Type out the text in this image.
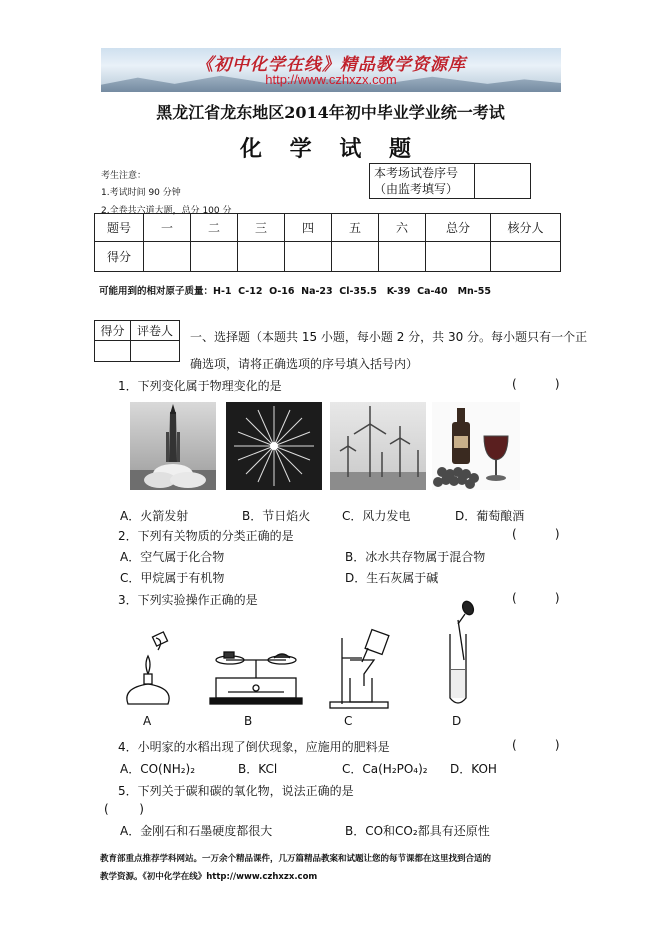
《初中化学在线》精品教学资源库
http://www.czhxzx.com
黑龙江省龙东地区2014年初中毕业学业统一考试
化 学 试 题
考生注意：
1.考试时间 90 分钟
2.全卷共六道大题，总分 100 分
本考场试卷序号
（由监考填写）

题号	一	二	三	四	五	六	总分	核分人
得分								
可能用到的相对原子质量：H-1  C-12  O-16  Na-23  Cl-35.5   K-39  Ca-40   Mn-55
得分	评卷人
	一、选择题（本题共 15 小题，每小题 2 分，共 30 分。每小题只有一个正
确选项，请将正确选项的序号填入括号内）
1．下列变化属于物理变化的是	(          )
A．火箭发射	B．节日焰火	C．风力发电	D．葡萄酿酒
2．下列有关物质的分类正确的是	(          )
A．空气属于化合物	B．冰水共存物属于混合物
C．甲烷属于有机物	D．生石灰属于碱
3．下列实验操作正确的是	(          )
A	B	C	D
4．小明家的水稻出现了倒伏现象，应施用的肥料是	(          )
A．CO(NH₂)₂	B．KCl	C．Ca(H₂PO₄)₂ D．KOH
5．下列关于碳和碳的氧化物，说法正确的是
(        )
A．金刚石和石墨硬度都很大	B．CO和CO₂都具有还原性
教育部重点推荐学科网站。一万余个精品课件，几万篇精品教案和试题让您的每节课都在这里找到合适的
教学资源。《初中化学在线》http://www.czhxzx.com
